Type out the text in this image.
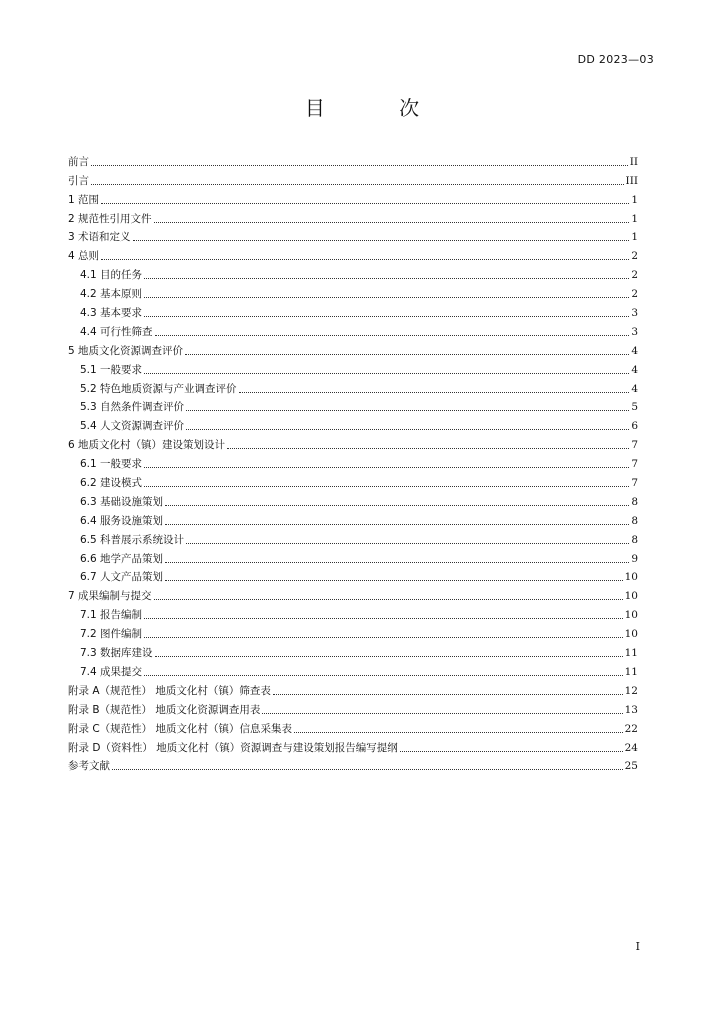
DD 2023—03
目 次
前言	II
引言	III
1 范围	1
2 规范性引用文件	1
3 术语和定义	1
4 总则	2
4.1 目的任务	2
4.2 基本原则	2
4.3 基本要求	3
4.4 可行性筛查	3
5 地质文化资源调查评价	4
5.1 一般要求	4
5.2 特色地质资源与产业调查评价	4
5.3 自然条件调查评价	5
5.4 人文资源调查评价	6
6 地质文化村（镇）建设策划设计	7
6.1 一般要求	7
6.2 建设模式	7
6.3 基础设施策划	8
6.4 服务设施策划	8
6.5 科普展示系统设计	8
6.6 地学产品策划	9
6.7 人文产品策划	10
7 成果编制与提交	10
7.1 报告编制	10
7.2 图件编制	10
7.3 数据库建设	11
7.4 成果提交	11
附录 A（规范性） 地质文化村（镇）筛查表	12
附录 B（规范性） 地质文化资源调查用表	13
附录 C（规范性） 地质文化村（镇）信息采集表	22
附录 D（资料性） 地质文化村（镇）资源调查与建设策划报告编写提纲	24
参考文献	25
I
